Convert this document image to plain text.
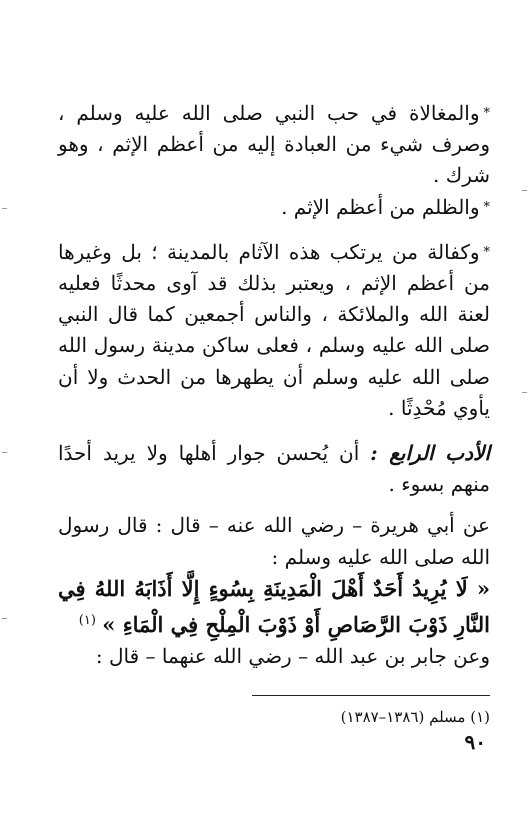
*والمغالاة في حب النبي صلى الله عليه وسلم ، وصرف شيء من العبادة إليه من أعظم الإثم ، وهو شرك .

*والظلم من أعظم الإثم .

*وكفالة من يرتكب هذه الآثام بالمدينة ؛ بل وغيرها من أعظم الإثم ، ويعتبر بذلك قد آوى محدثًا فعليه لعنة الله والملائكة ، والناس أجمعين كما قال النبي صلى الله عليه وسلم ، فعلى ساكن مدينة رسول الله صلى الله عليه وسلم أن يطهرها من الحدث ولا أن يأوي مُحْدِثًا .

الأدب الرابع : أن يُحسن جوار أهلها ولا يريد أحدًا منهم بسوء .

عن أبي هريرة – رضي الله عنه – قال : قال رسول الله صلى الله عليه وسلم :

« لَا يُرِيدُ أَحَدٌ أَهْلَ الْمَدِينَةِ بِسُوءٍ إِلَّا أَذَابَهُ اللهُ فِي النَّارِ ذَوْبَ الرَّصَاصِ أَوْ ذَوْبَ الْمِلْحِ فِي الْمَاءِ » $^{(١)}$

وعن جابر بن عبد الله – رضي الله عنهما – قال :

(١) مسلم (١٣٨٦–١٣٨٧)
٩٠
